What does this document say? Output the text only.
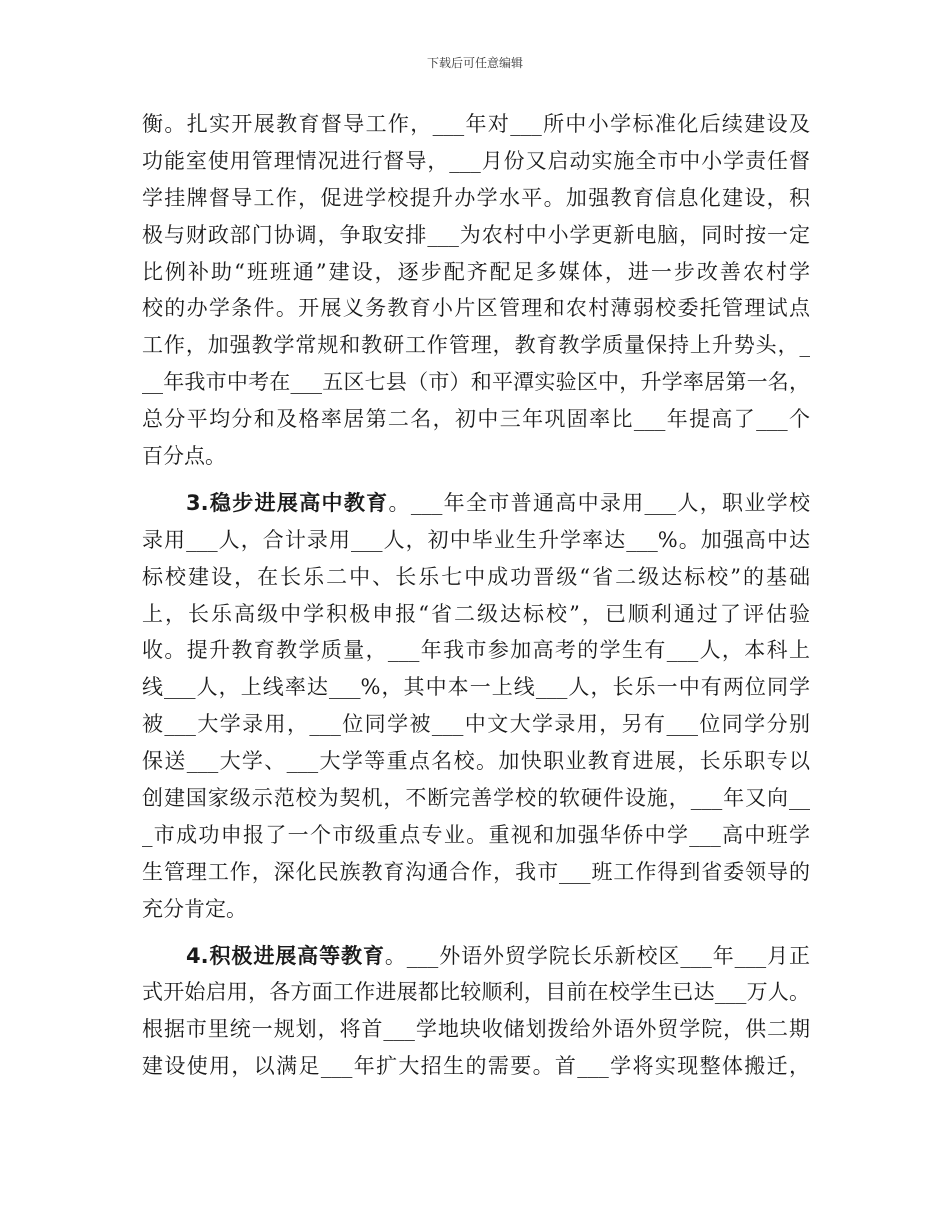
下载后可任意编辑
衡。扎实开展教育督导工作，___年对___所中小学标准化后续建设及
功能室使用管理情况进行督导，___月份又启动实施全市中小学责任督
学挂牌督导工作，促进学校提升办学水平。加强教育信息化建设，积
极与财政部门协调，争取安排___为农村中小学更新电脑，同时按一定
比例补助“班班通”建设，逐步配齐配足多媒体，进一步改善农村学
校的办学条件。开展义务教育小片区管理和农村薄弱校委托管理试点
工作，加强教学常规和教研工作管理，教育教学质量保持上升势头，_
__年我市中考在___五区七县（市）和平潭实验区中，升学率居第一名，
总分平均分和及格率居第二名，初中三年巩固率比___年提高了___个
百分点。
3.稳步进展高中教育。___年全市普通高中录用___人，职业学校
录用___人，合计录用___人，初中毕业生升学率达___%。加强高中达
标校建设，在长乐二中、长乐七中成功晋级“省二级达标校”的基础
上，长乐高级中学积极申报“省二级达标校”，已顺利通过了评估验
收。提升教育教学质量，___年我市参加高考的学生有___人，本科上
线___人，上线率达___%，其中本一上线___人，长乐一中有两位同学
被___大学录用，___位同学被___中文大学录用，另有___位同学分别
保送___大学、___大学等重点名校。加快职业教育进展，长乐职专以
创建国家级示范校为契机，不断完善学校的软硬件设施，___年又向__
_市成功申报了一个市级重点专业。重视和加强华侨中学___高中班学
生管理工作，深化民族教育沟通合作，我市___班工作得到省委领导的
充分肯定。
4.积极进展高等教育。___外语外贸学院长乐新校区___年___月正
式开始启用，各方面工作进展都比较顺利，目前在校学生已达___万人。
根据市里统一规划，将首___学地块收储划拨给外语外贸学院，供二期
建设使用，以满足___年扩大招生的需要。首___学将实现整体搬迁，
